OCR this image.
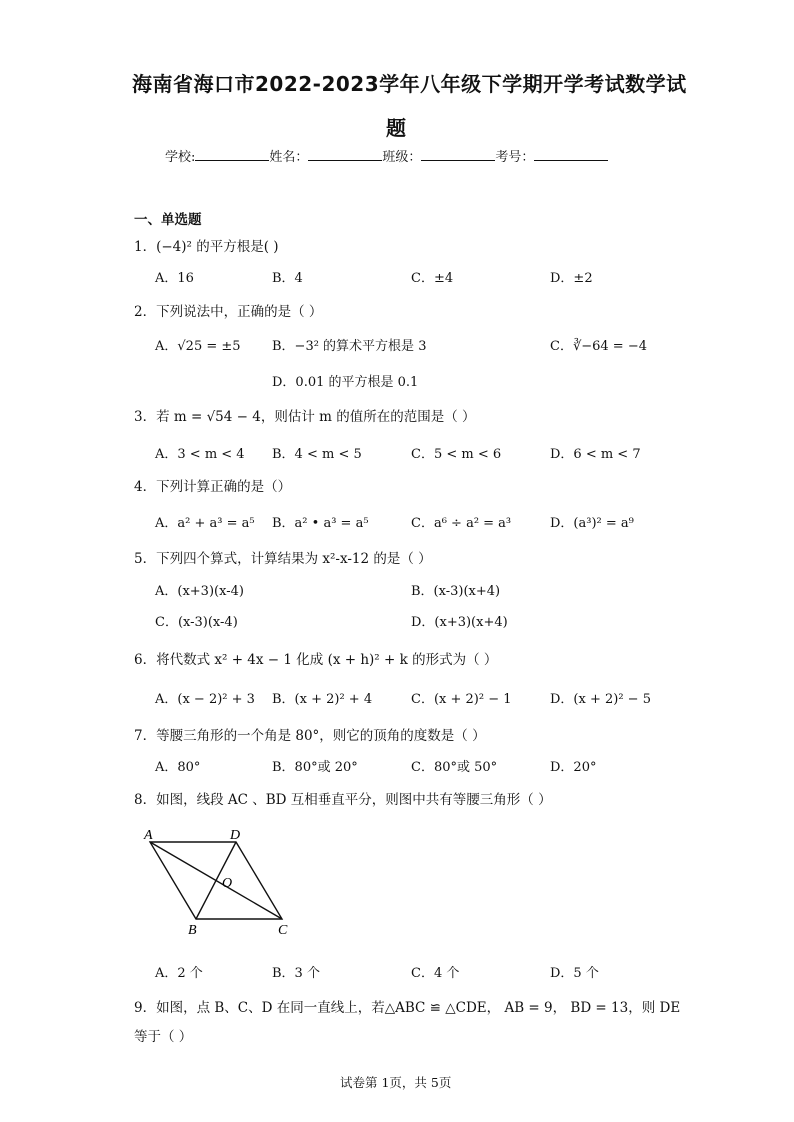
海南省海口市2022-2023学年八年级下学期开学考试数学试
题
学校:	姓名：	班级：	考号：
一、单选题
1．(−4)² 的平方根是( )
A．16	B．4	C．±4	D．±2
2．下列说法中，正确的是（ ）
A．√25 = ±5 B．−3² 的算术平方根是 3	C．∛−64 = −4
D．0.01 的平方根是 0.1
3．若 m = √54 − 4，则估计 m 的值所在的范围是（ ）
A．3 < m < 4 B．4 < m < 5	C．5 < m < 6	D．6 < m < 7
4．下列计算正确的是（）
A．a² + a³ = a⁵ B．a² • a³ = a⁵	C．a⁶ ÷ a² = a³	D．(a³)² = a⁹
5．下列四个算式，计算结果为 x²-x-12 的是（ ）
A．(x+3)(x-4)	B．(x-3)(x+4)
C．(x-3)(x-4)	D．(x+3)(x+4)
6．将代数式 x² + 4x − 1 化成 (x + h)² + k 的形式为（ ）
A．(x − 2)² + 3 B．(x + 2)² + 4	C．(x + 2)² − 1	D．(x + 2)² − 5
7．等腰三角形的一个角是 80°，则它的顶角的度数是（ ）
A．80°	B．80°或 20°	C．80°或 50°	D．20°
8．如图，线段 AC 、BD 互相垂直平分，则图中共有等腰三角形（ ）
A	D
O
B	C
A．2 个	B．3 个	C．4 个	D．5 个
9．如图，点 B、C、D 在同一直线上，若△ABC ≌ △CDE， AB = 9， BD = 13，则 DE
等于（ ）
试卷第 1页，共 5页
